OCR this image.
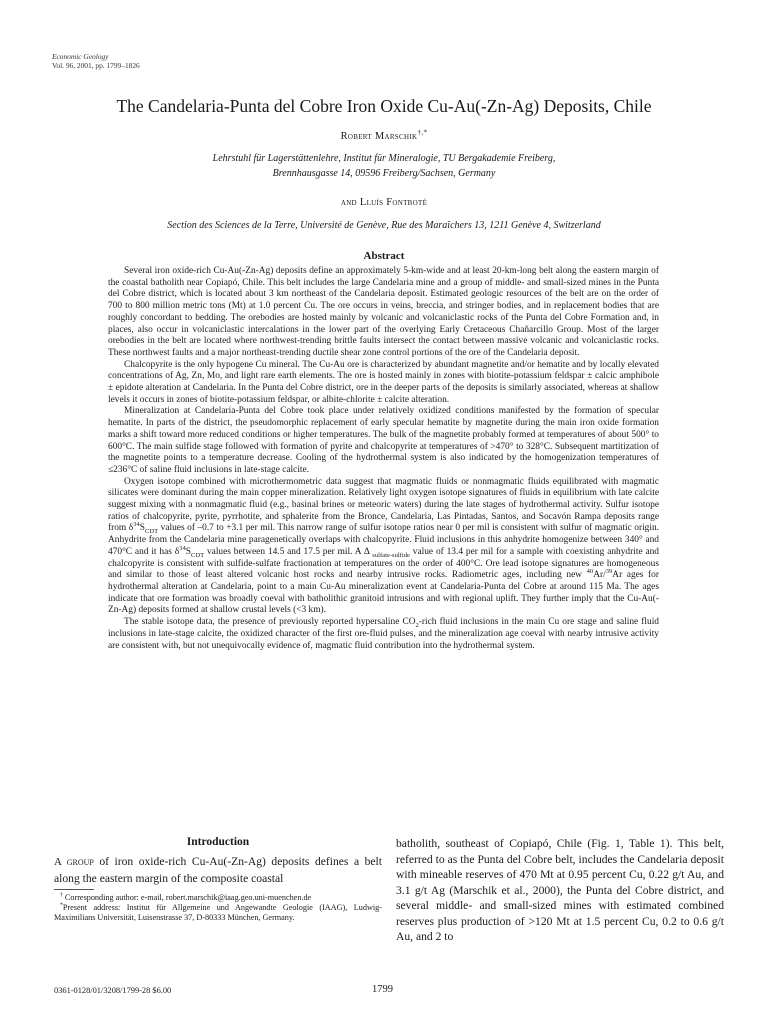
Economic Geology
Vol. 96, 2001, pp. 1799–1826
The Candelaria-Punta del Cobre Iron Oxide Cu-Au(-Zn-Ag) Deposits, Chile
Robert Marschik†,*
Lehrstuhl für Lagerstättenlehre, Institut für Mineralogie, TU Bergakademie Freiberg,
Brennhausgasse 14, 09596 Freiberg/Sachsen, Germany
and Lluís Fontboté
Section des Sciences de la Terre, Université de Genève, Rue des Maraîchers 13, 1211 Genève 4, Switzerland
Abstract

Several iron oxide-rich Cu-Au(-Zn-Ag) deposits define an approximately 5-km-wide and at least 20-km-long belt along the eastern margin of the coastal batholith near Copiapó, Chile. This belt includes the large Candelaria mine and a group of middle- and small-sized mines in the Punta del Cobre district, which is located about 3 km northeast of the Candelaria deposit. Estimated geologic resources of the belt are on the order of 700 to 800 million metric tons (Mt) at 1.0 percent Cu. The ore occurs in veins, breccia, and stringer bodies, and in replacement bodies that are roughly concordant to bedding. The orebodies are hosted mainly by volcanic and volcaniclastic rocks of the Punta del Cobre Formation and, in places, also occur in volcaniclastic intercalations in the lower part of the overlying Early Cretaceous Chañarcillo Group. Most of the larger orebodies in the belt are located where northwest-trending brittle faults intersect the contact between massive volcanic and volcaniclastic rocks. These northwest faults and a major northeast-trending ductile shear zone control portions of the ore of the Candelaria deposit.

Chalcopyrite is the only hypogene Cu mineral. The Cu-Au ore is characterized by abundant magnetite and/or hematite and by locally elevated concentrations of Ag, Zn, Mo, and light rare earth elements. The ore is hosted mainly in zones with biotite-potassium feldspar ± calcic amphibole ± epidote alteration at Candelaria. In the Punta del Cobre district, ore in the deeper parts of the deposits is similarly associated, whereas at shallow levels it occurs in zones of biotite-potassium feldspar, or albite-chlorite ± calcite alteration.

Mineralization at Candelaria-Punta del Cobre took place under relatively oxidized conditions manifested by the formation of specular hematite. In parts of the district, the pseudomorphic replacement of early specular hematite by magnetite during the main iron oxide formation marks a shift toward more reduced conditions or higher temperatures. The bulk of the magnetite probably formed at temperatures of about 500° to 600°C. The main sulfide stage followed with formation of pyrite and chalcopyrite at temperatures of >470° to 328°C. Subsequent martitization of the magnetite points to a temperature decrease. Cooling of the hydrothermal system is also indicated by the homogenization temperatures of ≤236°C of saline fluid inclusions in late-stage calcite.

Oxygen isotope combined with microthermometric data suggest that magmatic fluids or nonmagmatic fluids equilibrated with magmatic silicates were dominant during the main copper mineralization. Relatively light oxygen isotope signatures of fluids in equilibrium with late calcite suggest mixing with a nonmagmatic fluid (e.g., basinal brines or meteoric waters) during the late stages of hydrothermal activity. Sulfur isotope ratios of chalcopyrite, pyrite, pyrrhotite, and sphalerite from the Bronce, Candelaria, Las Pintadas, Santos, and Socavón Rampa deposits range from $\delta^{34}S_{CDT}$ values of –0.7 to +3.1 per mil. This narrow range of sulfur isotope ratios near 0 per mil is consistent with sulfur of magmatic origin. Anhydrite from the Candelaria mine paragenetically overlaps with chalcopyrite. Fluid inclusions in this anhydrite homogenize between 340° and 470°C and it has $\delta^{34}S_{CDT}$ values between 14.5 and 17.5 per mil. A Δ $_{sulfate-sulfide}$ value of 13.4 per mil for a sample with coexisting anhydrite and chalcopyrite is consistent with sulfide-sulfate fractionation at temperatures on the order of 400°C. Ore lead isotope signatures are homogeneous and similar to those of least altered volcanic host rocks and nearby intrusive rocks. Radiometric ages, including new $^{40}$Ar/$^{39}$Ar ages for hydrothermal alteration at Candelaria, point to a main Cu-Au mineralization event at Candelaria-Punta del Cobre at around 115 Ma. The ages indicate that ore formation was broadly coeval with batholithic granitoid intrusions and with regional uplift. They further imply that the Cu-Au(-Zn-Ag) deposits formed at shallow crustal levels (<3 km).

The stable isotope data, the presence of previously reported hypersaline $CO_2$-rich fluid inclusions in the main Cu ore stage and saline fluid inclusions in late-stage calcite, the oxidized character of the first ore-fluid pulses, and the mineralization age coeval with nearby intrusive activity are consistent with, but not unequivocally evidence of, magmatic fluid contribution into the hydrothermal system.

Introduction

A group of iron oxide-rich Cu-Au(-Zn-Ag) deposits defines a belt along the eastern margin of the composite coastal

† Corresponding author: e-mail, robert.marschik@iaag.geo.uni-muenchen.de

*Present address: Institut für Allgemeine und Angewandte Geologie (IAAG), Ludwig-Maximilians Universität, Luisenstrasse 37, D-80333 München, Germany.

batholith, southeast of Copiapó, Chile (Fig. 1, Table 1). This belt, referred to as the Punta del Cobre belt, includes the Candelaria deposit with mineable reserves of 470 Mt at 0.95 percent Cu, 0.22 g/t Au, and 3.1 g/t Ag (Marschik et al., 2000), the Punta del Cobre district, and several middle- and small-sized mines with estimated combined reserves plus production of >120 Mt at 1.5 percent Cu, 0.2 to 0.6 g/t Au, and 2 to
0361-0128/01/3208/1799-28 $6.00	1799
